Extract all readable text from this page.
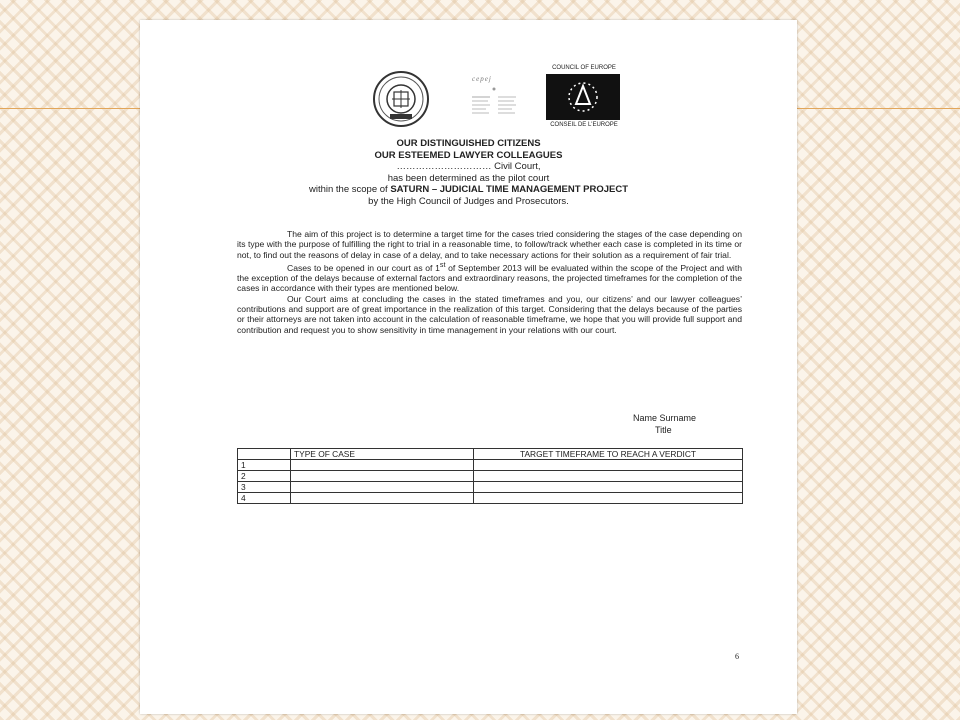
cepej
COUNCIL OF EUROPE
CONSEIL DE L'EUROPE
OUR DISTINGUISHED CITIZENS
OUR ESTEEMED LAWYER COLLEAGUES
………………………… Civil Court,
has been determined as the pilot court
within the scope of SATURN – JUDICIAL TIME MANAGEMENT PROJECT
by the High Council of Judges and Prosecutors.

The aim of this project is to determine a target time for the cases tried considering the stages of the case depending on its type with the purpose of fulfilling the right to trial in a reasonable time, to follow/track whether each case is completed in its time or not, to find out the reasons of delay in case of a delay, and to take necessary actions for their solution as a requirement of fair trial.

Cases to be opened in our court as of 1st of September 2013 will be evaluated within the scope of the Project and with the exception of the delays because of external factors and extraordinary reasons, the projected timeframes for the completion of the cases in accordance with their types are mentioned below.

Our Court aims at concluding the cases in the stated timeframes and you, our citizens’ and our lawyer colleagues’ contributions and support are of great importance in the realization of this target. Considering that the delays because of the parties or their attorneys are not taken into account in the calculation of reasonable timeframe, we hope that you will provide full support and contribution and request you to show sensitivity in time management in your relations with our court.

Name Surname
Title
	TYPE OF CASE	TARGET TIMEFRAME TO REACH A VERDICT
1		
2		
3		
4		
6
